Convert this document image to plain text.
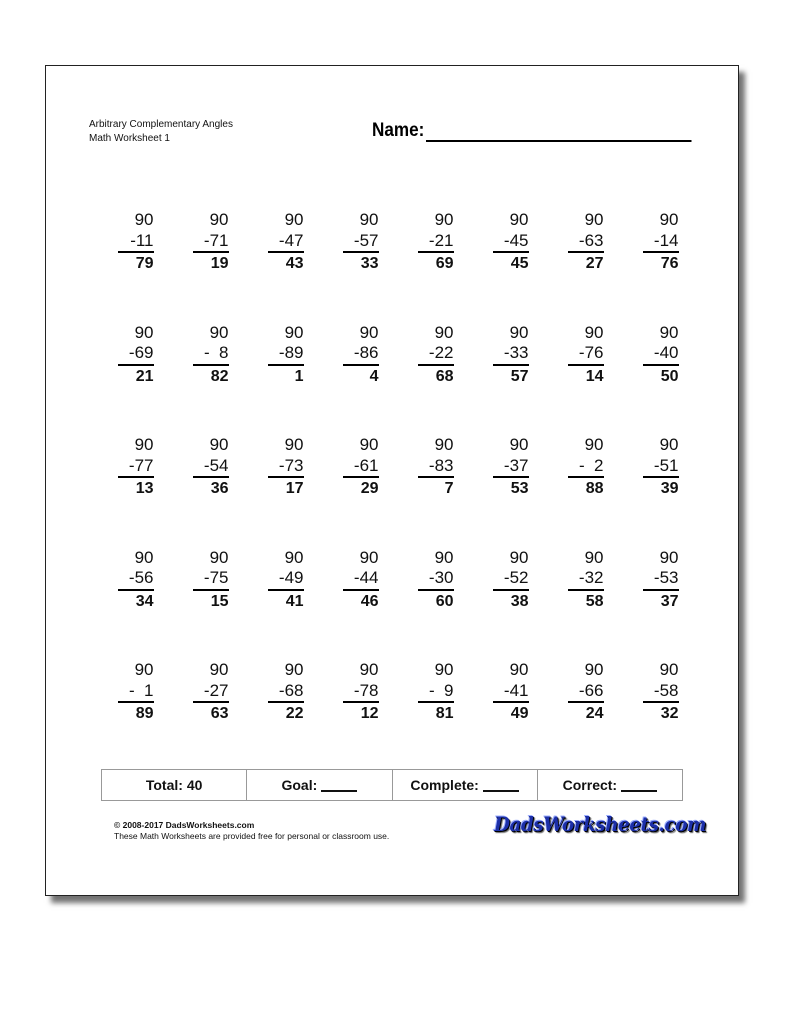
Arbitrary Complementary Angles
Math Worksheet 1	Name:
90
-11
79
90
-71
19
90
-47
43
90
-57
33
90
-21
69
90
-45
45
90
-63
27
90
-14
76
90
-69
21
90
-  8
82
90
-89
1
90
-86
4
90
-22
68
90
-33
57
90
-76
14
90
-40
50
90
-77
13
90
-54
36
90
-73
17
90
-61
29
90
-83
7
90
-37
53
90
-  2
88
90
-51
39
90
-56
34
90
-75
15
90
-49
41
90
-44
46
90
-30
60
90
-52
38
90
-32
58
90
-53
37
90
-  1
89
90
-27
63
90
-68
22
90
-78
12
90
-  9
81
90
-41
49
90
-66
24
90
-58
32
Total: 40	Goal:	Complete:	Correct:
© 2008-2017 DadsWorksheets.com
These Math Worksheets are provided free for personal or classroom use.	DadsWorksheets.com
